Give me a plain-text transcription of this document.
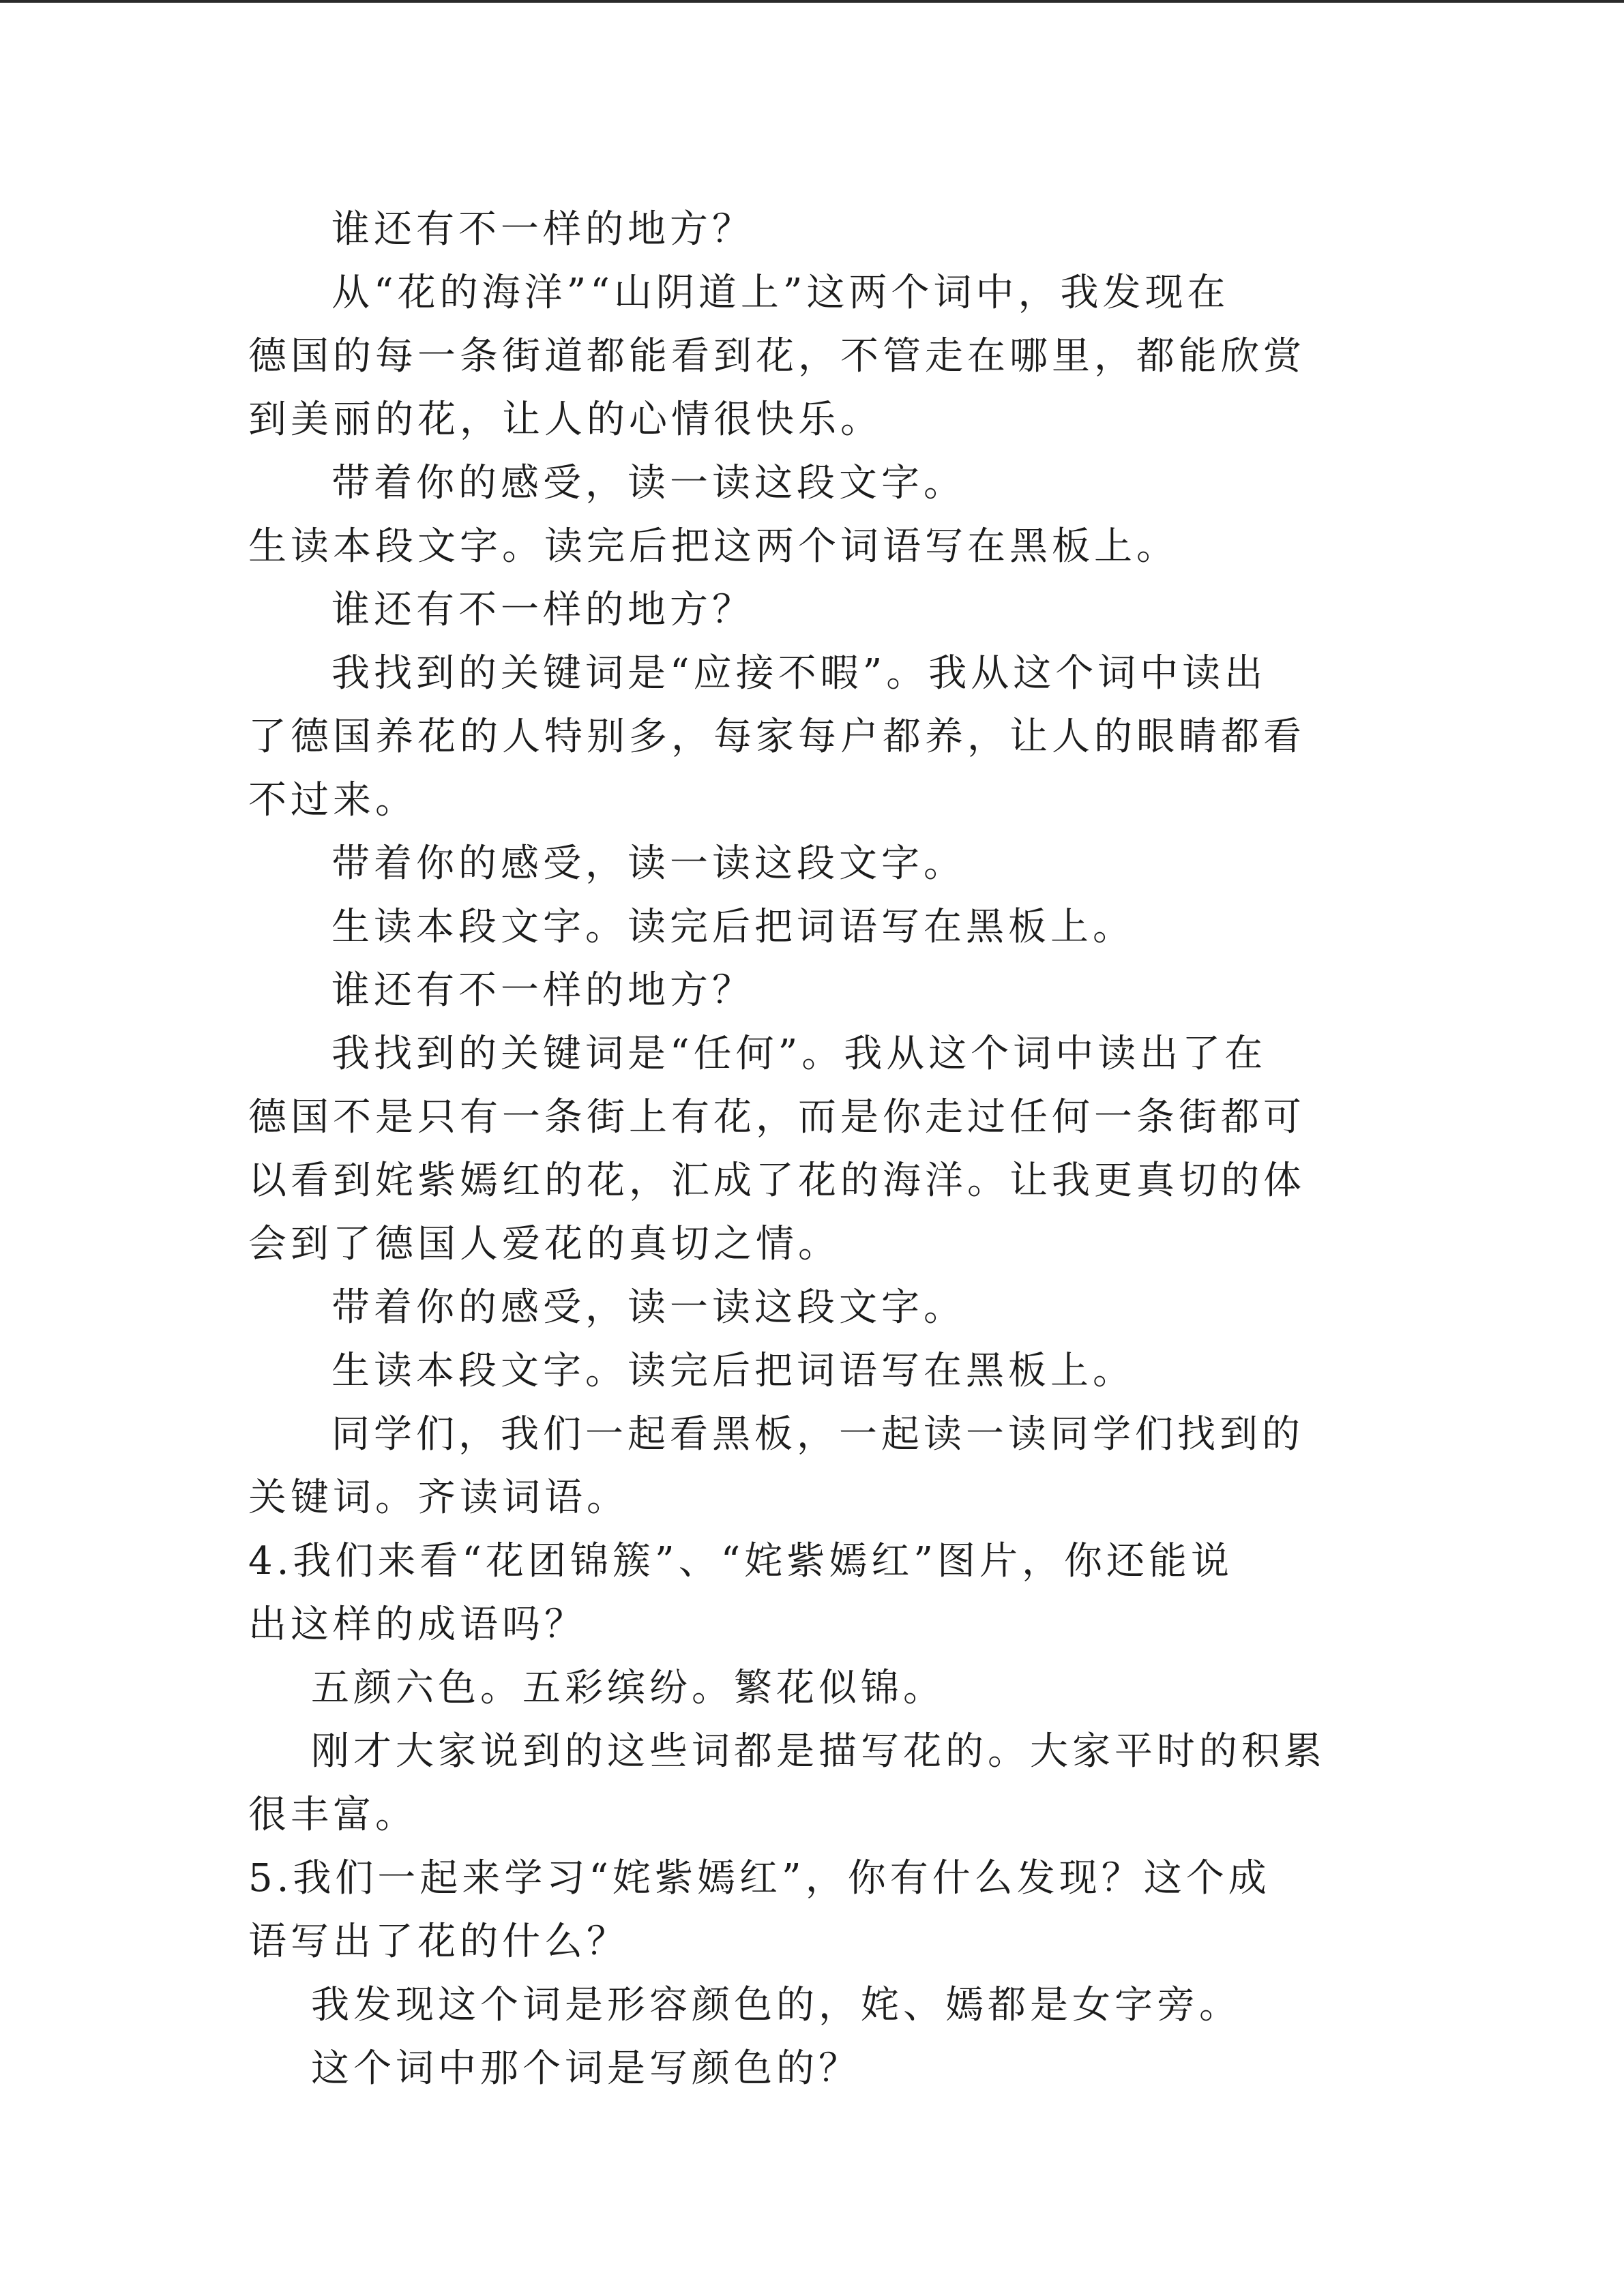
谁还有不一样的地方？
从“花的海洋”“山阴道上”这两个词中，我发现在
德国的每一条街道都能看到花，不管走在哪里，都能欣赏
到美丽的花，让人的心情很快乐。
带着你的感受，读一读这段文字。
生读本段文字。读完后把这两个词语写在黑板上。
谁还有不一样的地方？
我找到的关键词是“应接不暇”。我从这个词中读出
了德国养花的人特别多，每家每户都养，让人的眼睛都看
不过来。
带着你的感受，读一读这段文字。
生读本段文字。读完后把词语写在黑板上。
谁还有不一样的地方？
我找到的关键词是“任何”。我从这个词中读出了在
德国不是只有一条街上有花，而是你走过任何一条街都可
以看到姹紫嫣红的花，汇成了花的海洋。让我更真切的体
会到了德国人爱花的真切之情。
带着你的感受，读一读这段文字。
生读本段文字。读完后把词语写在黑板上。
同学们，我们一起看黑板，一起读一读同学们找到的
关键词。齐读词语。
4.我们来看“花团锦簇”、“姹紫嫣红”图片，你还能说
出这样的成语吗？
五颜六色。五彩缤纷。繁花似锦。
刚才大家说到的这些词都是描写花的。大家平时的积累
很丰富。
5.我们一起来学习“姹紫嫣红”，你有什么发现？这个成
语写出了花的什么？
我发现这个词是形容颜色的，姹、嫣都是女字旁。
这个词中那个词是写颜色的？
